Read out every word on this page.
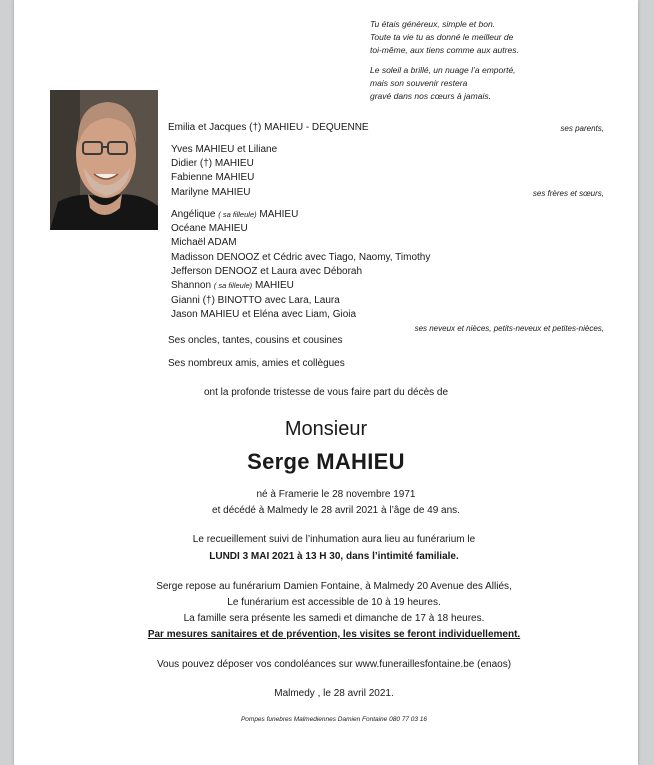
Tu étais généreux, simple et bon.
Toute ta vie tu as donné le meilleur de
toi-même, aux tiens comme aux autres.
Le soleil a brillé, un nuage l’a emporté,
mais son souvenir restera
gravé dans nos cœurs à jamais.
Emilia et Jacques (†) MAHIEU - DEQUENNE	ses parents,
Yves MAHIEU et Liliane
Didier (†) MAHIEU
Fabienne MAHIEU
Marilyne MAHIEU	ses frères et sœurs,
Angélique ( sa filleule) MAHIEU
Océane MAHIEU
Michaël ADAM
Madisson DENOOZ et Cédric avec Tiago, Naomy, Timothy
Jefferson DENOOZ et Laura avec Déborah
Shannon ( sa filleule) MAHIEU
Gianni (†) BINOTTO avec Lara, Laura
Jason MAHIEU et Eléna avec Liam, Gioia
ses neveux et nièces, petits-neveux et petites-nièces,
Ses oncles, tantes, cousins et cousines
Ses nombreux amis, amies et collègues
ont la profonde tristesse de vous faire part du décès de
Monsieur
Serge MAHIEU
né à Framerie le 28 novembre 1971
et décédé à Malmedy le 28 avril 2021 à l’âge de 49 ans.
Le recueillement suivi de l’inhumation aura lieu au funérarium le
LUNDI 3 MAI 2021 à 13 H 30, dans l’intimité familiale.
Serge repose au funérarium Damien Fontaine, à Malmedy 20 Avenue des Alliés,
Le funérarium est accessible de 10 à 19 heures.
La famille sera présente les samedi et dimanche de 17 à 18 heures.
Par mesures sanitaires et de prévention, les visites se feront individuellement.
Vous pouvez déposer vos condoléances sur www.funeraillesfontaine.be (enaos)
Malmedy , le 28 avril 2021.
Pompes funebres Malmediennes Damien Fontaine 080 77 03 16
